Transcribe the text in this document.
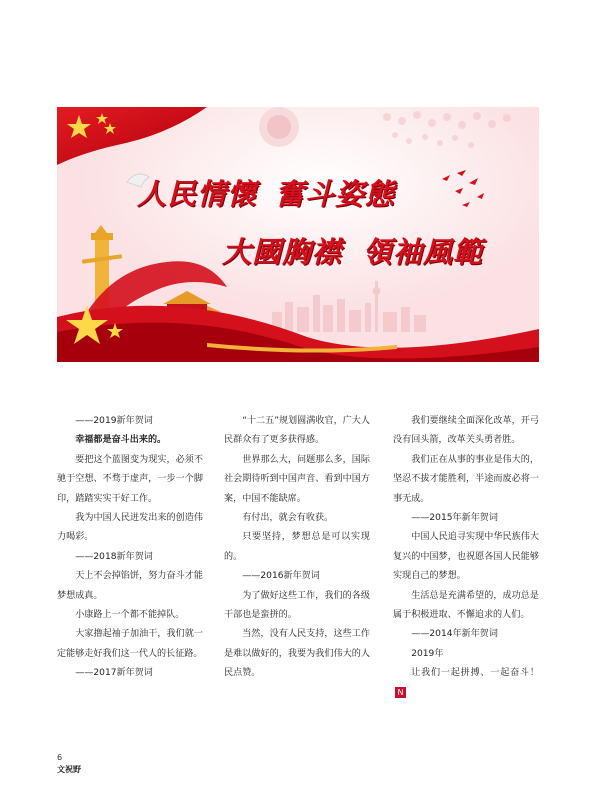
人民情懷 奮斗姿態
大國胸襟 領袖風範

——2019新年贺词

幸福都是奋斗出来的。

要把这个蓝图变为现实，必须不驰于空想、不骛于虚声，一步一个脚印，踏踏实实干好工作。

我为中国人民迸发出来的创造伟力喝彩。

——2018新年贺词

天上不会掉馅饼，努力奋斗才能梦想成真。

小康路上一个都不能掉队。

大家撸起袖子加油干，我们就一定能够走好我们这一代人的长征路。

——2017新年贺词

“十二五”规划圆满收官，广大人民群众有了更多获得感。

世界那么大，问题那么多，国际社会期待听到中国声音、看到中国方案，中国不能缺席。

有付出，就会有收获。

只要坚持，梦想总是可以实现的。

——2016新年贺词

为了做好这些工作，我们的各级干部也是蛮拼的。

当然，没有人民支持，这些工作是难以做好的，我要为我们伟大的人民点赞。

我们要继续全面深化改革，开弓没有回头箭，改革关头勇者胜。

我们正在从事的事业是伟大的，坚忍不拔才能胜利，半途而废必将一事无成。

——2015年新年贺词

中国人民追寻实现中华民族伟大复兴的中国梦，也祝愿各国人民能够实现自己的梦想。

生活总是充满希望的，成功总是属于积极进取、不懈追求的人们。

——2014年新年贺词

2019年

让我们一起拼搏、一起奋斗！N

6
文祝野
